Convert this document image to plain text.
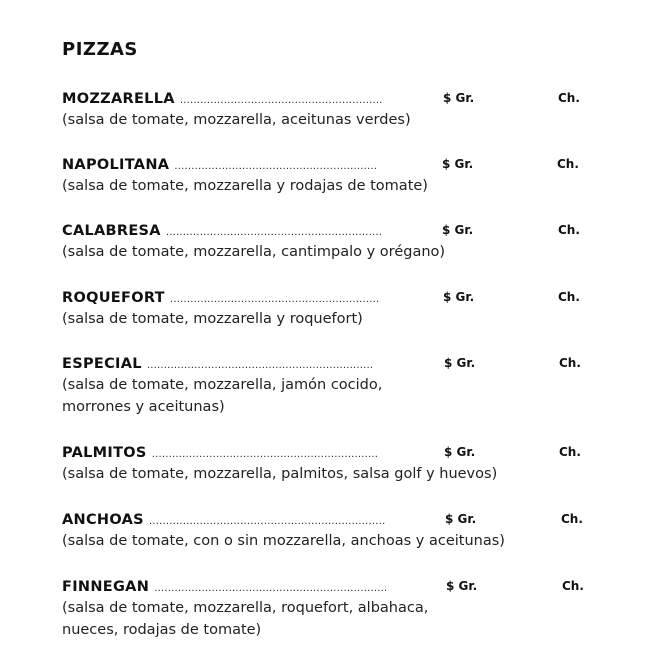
PIZZAS
MOZZARELLA ............................................................	$ Gr.	Ch.
(salsa de tomate, mozzarella, aceitunas verdes)
NAPOLITANA ............................................................	$ Gr.	Ch.
(salsa de tomate, mozzarella y rodajas de tomate)
CALABRESA ................................................................	$ Gr.	Ch.
(salsa de tomate, mozzarella, cantimpalo y orégano)
ROQUEFORT ..............................................................	$ Gr.	Ch.
(salsa de tomate, mozzarella y roquefort)
ESPECIAL ...................................................................	$ Gr.	Ch.
(salsa de tomate, mozzarella, jamón cocido,
morrones y aceitunas)
PALMITOS ...................................................................	$ Gr.	Ch.
(salsa de tomate, mozzarella, palmitos, salsa golf y huevos)
ANCHOAS ......................................................................	$ Gr.	Ch.
(salsa de tomate, con o sin mozzarella, anchoas y aceitunas)
FINNEGAN .....................................................................	$ Gr.	Ch.
(salsa de tomate, mozzarella, roquefort, albahaca,
nueces, rodajas de tomate)
